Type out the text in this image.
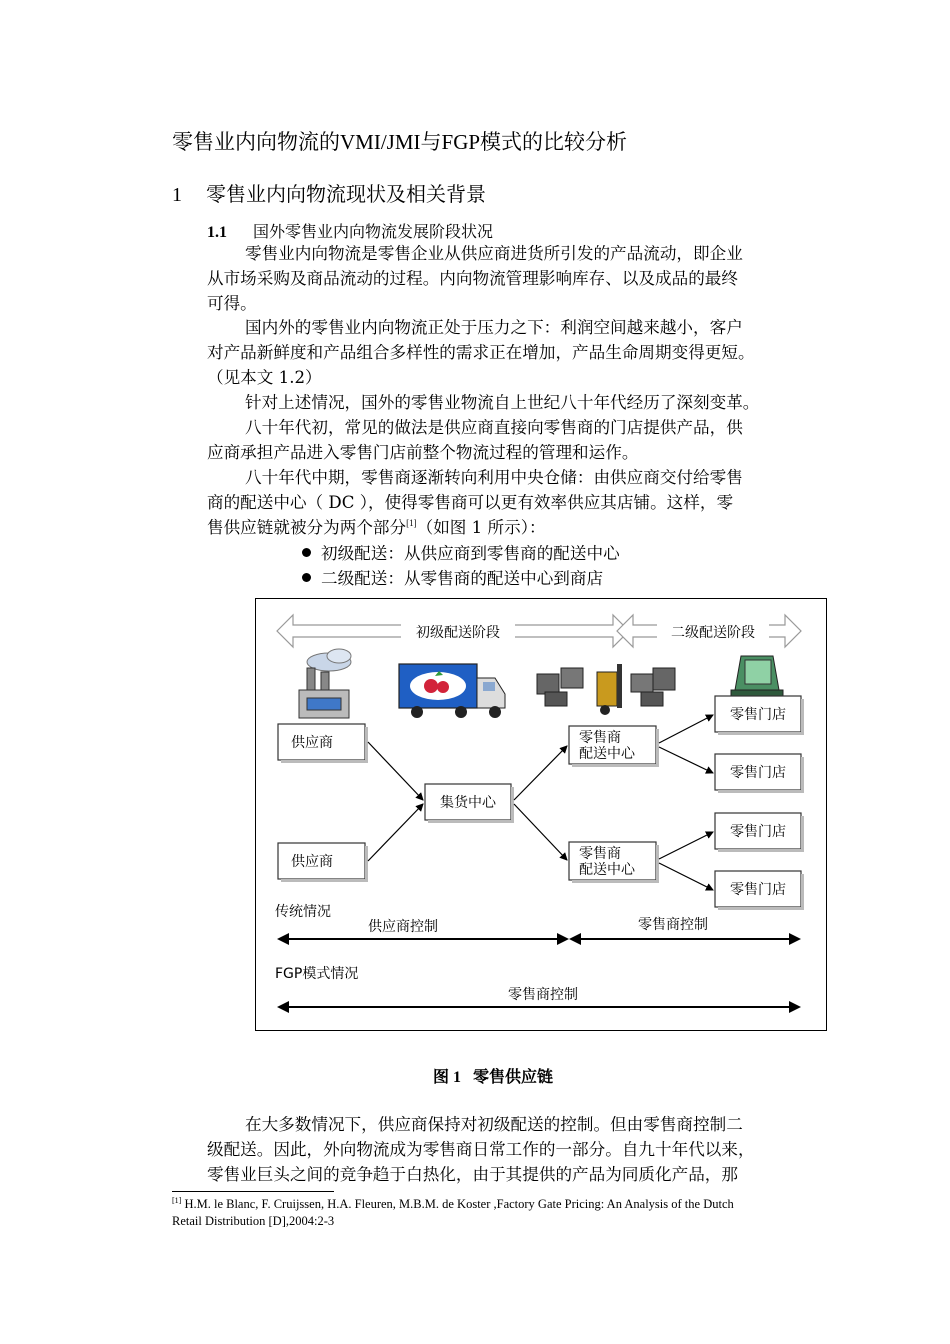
零售业内向物流的VMI/JMI与FGP模式的比较分析
1 零售业内向物流现状及相关背景
1.1 国外零售业内向物流发展阶段状况
零售业内向物流是零售企业从供应商进货所引发的产品流动，即企业
从市场采购及商品流动的过程。内向物流管理影响库存、以及成品的最终
可得。
国内外的零售业内向物流正处于压力之下：利润空间越来越小，客户
对产品新鲜度和产品组合多样性的需求正在增加，产品生命周期变得更短。
（见本文 1.2）
针对上述情况，国外的零售业物流自上世纪八十年代经历了深刻变革。
八十年代初，常见的做法是供应商直接向零售商的门店提供产品，供
应商承担产品进入零售门店前整个物流过程的管理和运作。
八十年代中期，零售商逐渐转向利用中央仓储：由供应商交付给零售
商的配送中心（ DC ），使得零售商可以更有效率供应其店铺。这样，零
售供应链就被分为两个部分[1]（如图 1 所示）：
初级配送：从供应商到零售商的配送中心
二级配送：从零售商的配送中心到商店
初级配送阶段	二级配送阶段
供应商
供应商
集货中心
零售商
配送中心
零售商
配送中心
零售门店
零售门店
零售门店
零售门店
传统情况
供应商控制	零售商控制
FGP模式情况
零售商控制
图 1 零售供应链
在大多数情况下，供应商保持对初级配送的控制。但由零售商控制二
级配送。因此，外向物流成为零售商日常工作的一部分。自九十年代以来，
零售业巨头之间的竞争趋于白热化，由于其提供的产品为同质化产品，那
[1] H.M. le Blanc, F. Cruijssen, H.A. Fleuren, M.B.M. de Koster ,Factory Gate Pricing: An Analysis of the Dutch
Retail Distribution [D],2004:2-3
